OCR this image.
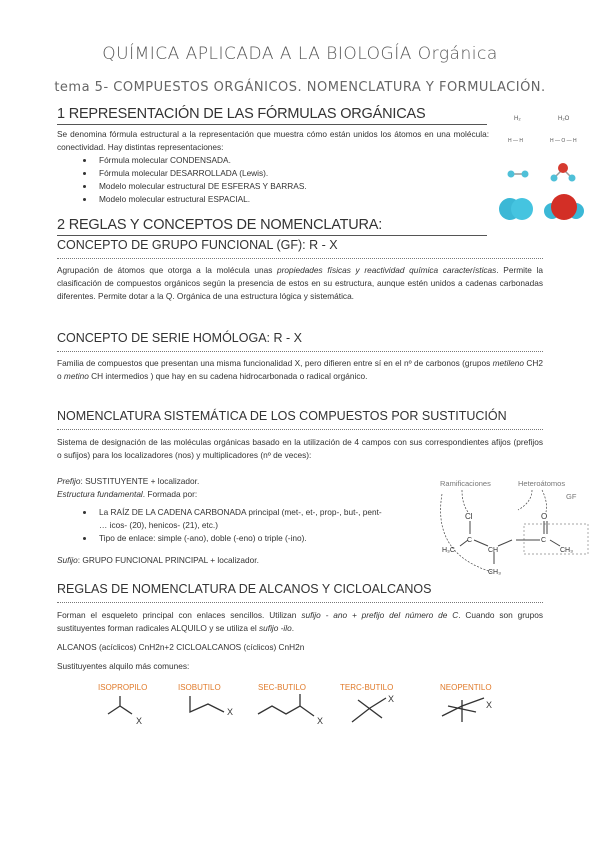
QUÍMICA APLICADA A LA BIOLOGÍA Orgánica
tema 5- COMPUESTOS ORGÁNICOS. NOMENCLATURA Y FORMULACIÓN.
1 REPRESENTACIÓN DE LAS FÓRMULAS ORGÁNICAS

Se denomina fórmula estructural a la representación que muestra cómo están unidos los átomos en una molécula: conectividad. Hay distintas representaciones:

• Fórmula molecular CONDENSADA.
• Fórmula molecular DESARROLLADA (Lewis).
• Modelo molecular estructural DE ESFERAS Y BARRAS.
• Modelo molecular estructural ESPACIAL.
H₂	H₂O
H — H	H — O — H
2 REGLAS Y CONCEPTOS DE NOMENCLATURA:
CONCEPTO DE GRUPO FUNCIONAL (GF): R - X

Agrupación de átomos que otorga a la molécula unas propiedades físicas y reactividad química características. Permite la clasificación de compuestos orgánicos según la presencia de estos en su estructura, aunque estén unidos a cadenas carbonadas diferentes. Permite dotar a la Q. Orgánica de una estructura lógica y sistemática.

CONCEPTO DE SERIE HOMÓLOGA: R - X

Familia de compuestos que presentan una misma funcionalidad X, pero difieren entre sí en el nº de carbonos (grupos metileno CH2 o metino CH intermedios ) que hay en su cadena hidrocarbonada o radical orgánico.

NOMENCLATURA SISTEMÁTICA DE LOS COMPUESTOS POR SUSTITUCIÓN

Sistema de designación de las moléculas orgánicas basado en la utilización de 4 campos con sus correspondientes afijos (prefijos o sufijos) para los localizadores (nos) y multiplicadores (nº de veces):

Prefijo: SUSTITUYENTE + localizador.

Estructura fundamental. Formada por:

• La RAÍZ DE LA CADENA CARBONADA principal (met-, et-, prop-, but-, pent- … icos- (20), henicos- (21), etc.)
• Tipo de enlace: simple (-ano), doble (-eno) o triple (-ino).

Sufijo: GRUPO FUNCIONAL PRINCIPAL + localizador.

Ramificaciones	Heteroátomos
GF
Cl	O
H₃C
C
CH
C
CH₃
CH₃
REGLAS DE NOMENCLATURA DE ALCANOS Y CICLOALCANOS

Forman el esqueleto principal con enlaces sencillos. Utilizan sufijo - ano + prefijo del número de C. Cuando son grupos sustituyentes forman radicales ALQUILO y se utiliza el sufijo -ilo.

ALCANOS (acíclicos) CnH2n+2 CICLOALCANOS (cíclicos) CnH2n

Sustituyentes alquilo más comunes:

ISOPROPILO	ISOBUTILO	SEC-BUTILO	TERC-BUTILO	NEOPENTILO
X
X
X
X
X
